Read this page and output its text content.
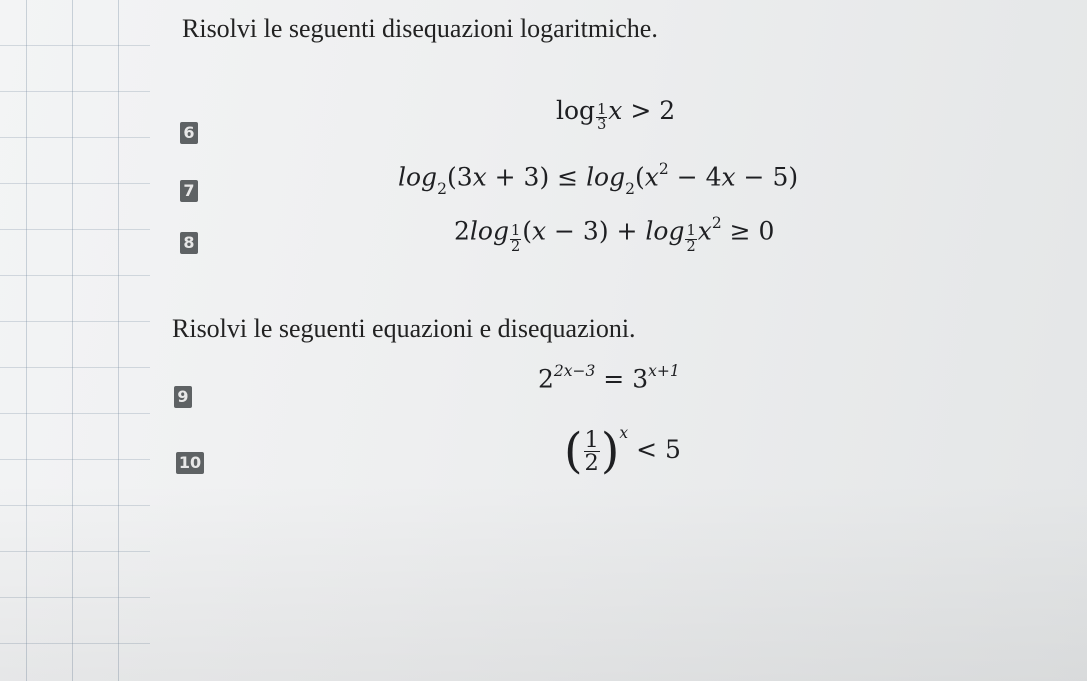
Risolvi le seguenti disequazioni logaritmiche.
6
$\log \frac{1}{3}$ x > 2
7	$\log_2(3x + 3) \le \log_2(x^2 - 4x - 5)$
8	$2\log \frac{1}{2} (x - 3) + \log \frac{1}{2} x^2 \ge 0$
Risolvi le seguenti equazioni e disequazioni.
9
$2^{2x-3} = 3^{x+1}$
10	( $\frac{1}{2} )^x < 5$
